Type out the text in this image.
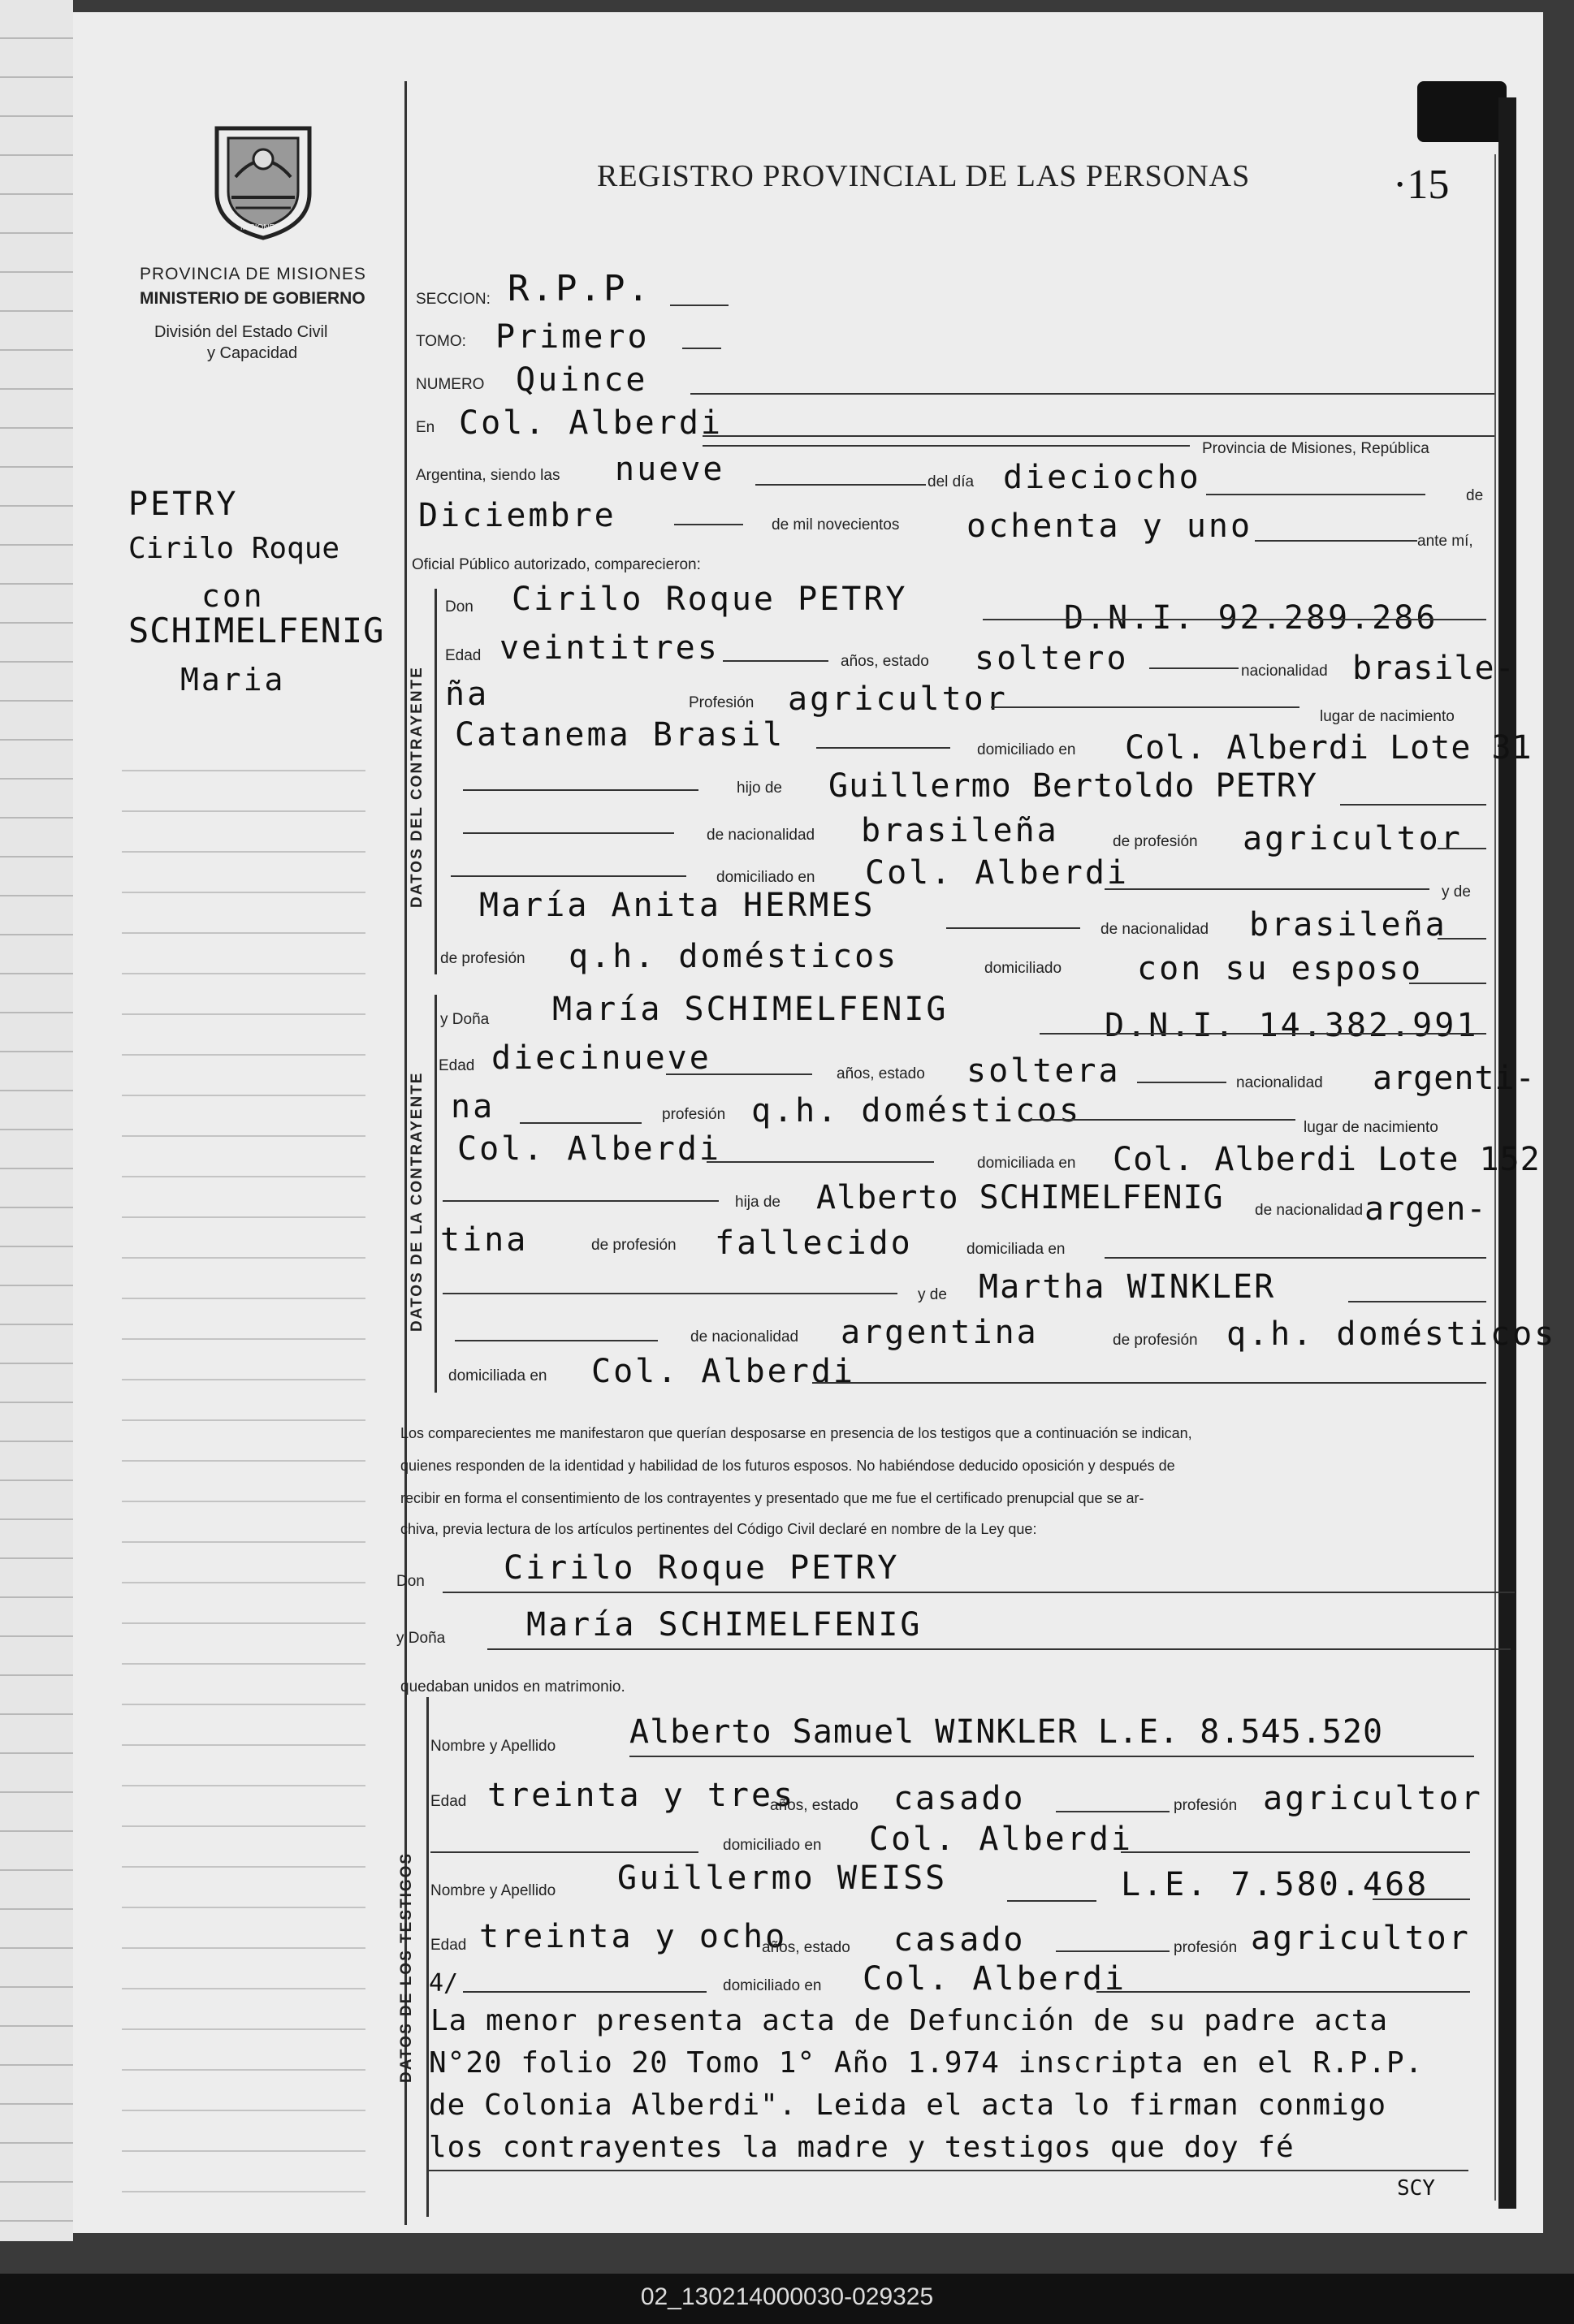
MISIONES
PROVINCIA DE MISIONES
MINISTERIO DE GOBIERNO
División del Estado Civil
y Capacidad
REGISTRO PROVINCIAL DE LAS PERSONAS	·15
PETRY
Cirilo Roque
con
SCHIMELFENIG
Maria
SECCION: R.P.P.
TOMO: Primero
NUMERO Quince
En Col. Alberdi
Provincia de Misiones, República
Argentina, siendo las nueve	del día dieciocho	de
Diciembre	de mil novecientos ochenta y uno	ante mí,
Oficial Público autorizado, comparecieron:
DATOS DEL CONTRAYENTE
Don Cirilo Roque PETRY	D.N.I. 92.289.286
Edad veintitres	años, estado soltero	nacionalidad brasile-
ña	Profesión agricultor	lugar de nacimiento
Catanema Brasil	domiciliado en Col. Alberdi Lote 31
hijo de Guillermo Bertoldo PETRY
de nacionalidad brasileña	de profesión agricultor
domiciliado en Col. Alberdi
y de
María Anita HERMES
de nacionalidad brasileña
de profesión q.h. domésticos	domiciliado con su esposo
DATOS DE LA CONTRAYENTE
y Doña María SCHIMELFENIG	D.N.I. 14.382.991
Edad diecinueve	años, estado soltera	nacionalidad argenti-
na	profesión q.h. domésticos	lugar de nacimiento
Col. Alberdi	domiciliada en Col. Alberdi Lote 152
hija de Alberto SCHIMELFENIG de nacionalidad argen-
tina	de profesión fallecido	domiciliada en
y de Martha WINKLER
de nacionalidad argentina	de profesión q.h. domésticos
domiciliada en Col. Alberdi
Los comparecientes me manifestaron que querían desposarse en presencia de los testigos que a continuación se indican,
quienes responden de la identidad y habilidad de los futuros esposos. No habiéndose deducido oposición y después de
recibir en forma el consentimiento de los contrayentes y presentado que me fue el certificado prenupcial que se ar-
chiva, previa lectura de los artículos pertinentes del Código Civil declaré en nombre de la Ley que:
Don Cirilo Roque PETRY
y Doña María SCHIMELFENIG
quedaban unidos en matrimonio.
DATOS DE LOS TESTIGOS
Nombre y Apellido Alberto Samuel WINKLER L.E. 8.545.520
Edad treinta y tres
años, estado casado	profesión agricultor
domiciliado en Col. Alberdi
Nombre y Apellido Guillermo WEISS	L.E. 7.580.468
Edad treinta y ocho
años, estado casado	profesión agricultor
4/	domiciliado en Col. Alberdi
La menor presenta acta de Defunción de su padre acta
N°20 folio 20 Tomo 1° Año 1.974 inscripta en el R.P.P.
de Colonia Alberdi". Leida el acta lo firman conmigo
los contrayentes la madre y testigos que doy fé
SCY
02_130214000030-029325
